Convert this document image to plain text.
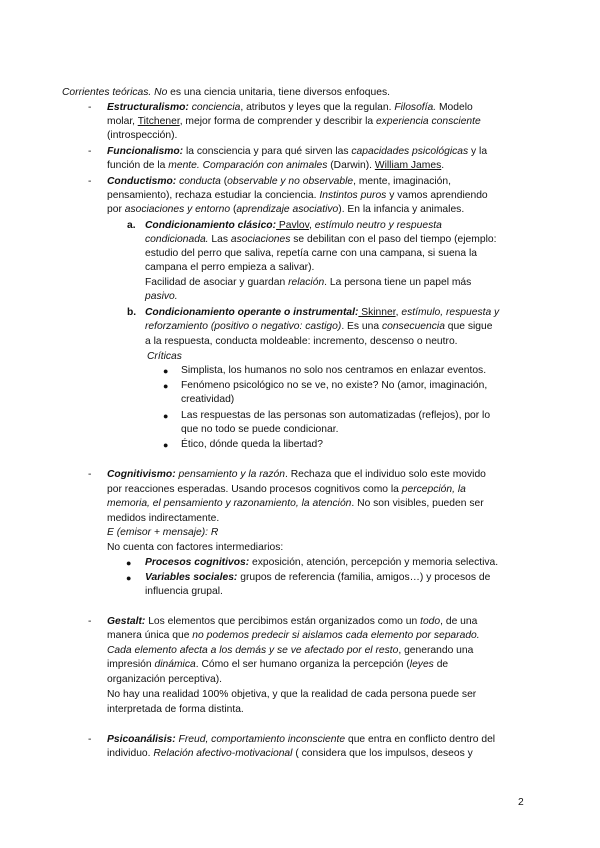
Corrientes teóricas. No es una ciencia unitaria, tiene diversos enfoques.
- Estructuralismo: conciencia, atributos y leyes que la regulan. Filosofía. Modelo
molar, Titchener, mejor forma de comprender y describir la experiencia consciente
(introspección).
- Funcionalismo: la consciencia y para qué sirven las capacidades psicológicas y la
función de la mente. Comparación con animales (Darwin). William James.
- Conductismo: conducta (observable y no observable, mente, imaginación,
pensamiento), rechaza estudiar la conciencia. Instintos puros y vamos aprendiendo
por asociaciones y entorno (aprendizaje asociativo). En la infancia y animales.
a. Condicionamiento clásico: Pavlov, estímulo neutro y respuesta
condicionada. Las asociaciones se debilitan con el paso del tiempo (ejemplo:
estudio del perro que saliva, repetía carne con una campana, si suena la
campana el perro empieza a salivar).
Facilidad de asociar y guardan relación. La persona tiene un papel más
pasivo.
b. Condicionamiento operante o instrumental: Skinner, estímulo, respuesta y
reforzamiento (positivo o negativo: castigo). Es una consecuencia que sigue
a la respuesta, conducta moldeable: incremento, descenso o neutro.
Críticas
● Simplista, los humanos no solo nos centramos en enlazar eventos.
● Fenómeno psicológico no se ve, no existe? No (amor, imaginación,
creatividad)
● Las respuestas de las personas son automatizadas (reflejos), por lo
que no todo se puede condicionar.
● Ético, dónde queda la libertad?
- Cognitivismo: pensamiento y la razón. Rechaza que el individuo solo este movido
por reacciones esperadas. Usando procesos cognitivos como la percepción, la
memoria, el pensamiento y razonamiento, la atención. No son visibles, pueden ser
medidos indirectamente.
E (emisor + mensaje): R
No cuenta con factores intermediarios:
● Procesos cognitivos: exposición, atención, percepción y memoria selectiva.
● Variables sociales: grupos de referencia (familia, amigos…) y procesos de
influencia grupal.
- Gestalt: Los elementos que percibimos están organizados como un todo, de una
manera única que no podemos predecir si aislamos cada elemento por separado.
Cada elemento afecta a los demás y se ve afectado por el resto, generando una
impresión dinámica. Cómo el ser humano organiza la percepción (leyes de
organización perceptiva).
No hay una realidad 100% objetiva, y que la realidad de cada persona puede ser
interpretada de forma distinta.
- Psicoanálisis: Freud, comportamiento inconsciente que entra en conflicto dentro del
individuo. Relación afectivo-motivacional ( considera que los impulsos, deseos y
2
